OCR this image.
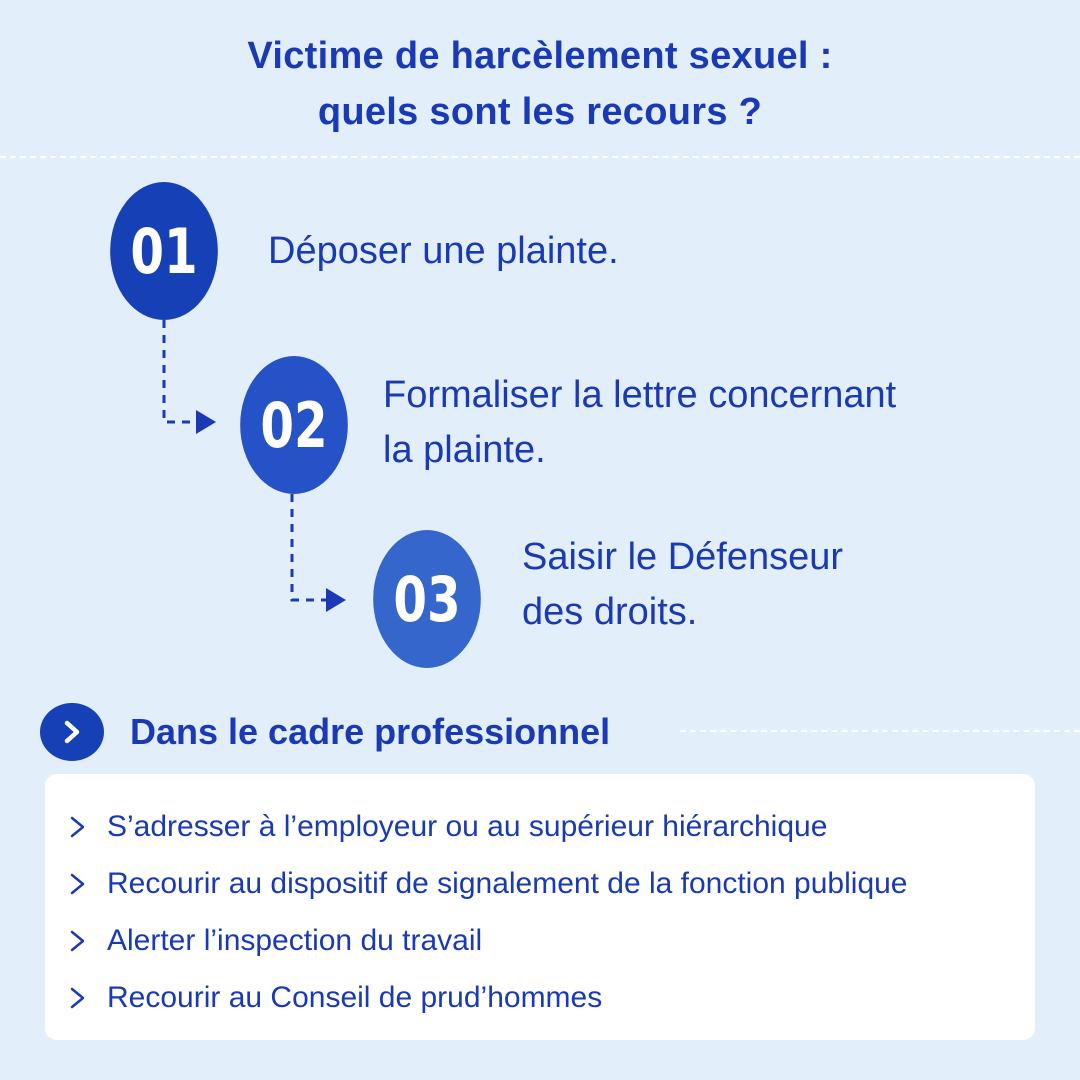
Victime de harcèlement sexuel :
quels sont les recours ?
01 Déposer une plainte.
02 Formaliser la lettre concernant
la plainte.
03
Saisir le Défenseur
des droits.
Dans le cadre professionnel
S’adresser à l’employeur ou au supérieur hiérarchique
Recourir au dispositif de signalement de la fonction publique
Alerter l’inspection du travail
Recourir au Conseil de prud’hommes
